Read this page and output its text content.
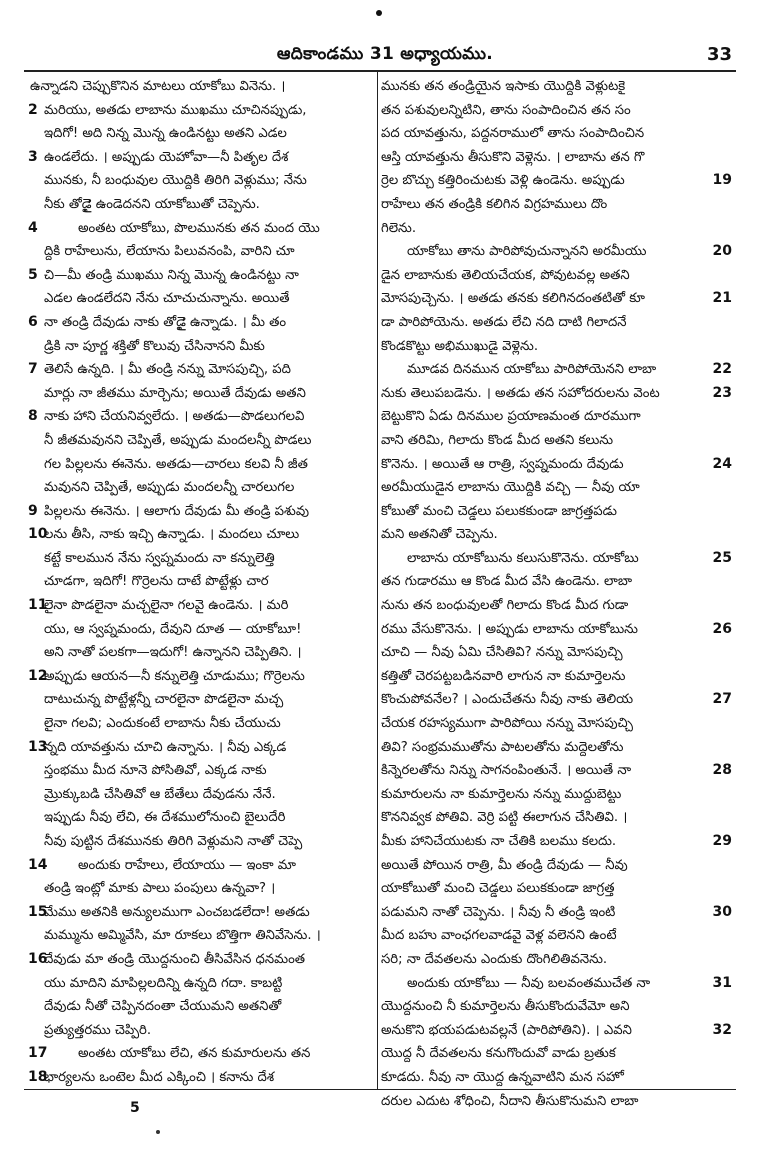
ఆదికాండము 31 అధ్యాయము.	33
ఉన్నాడని చెప్పుకొనిన మాటలు యాకోబు వినెను. ।
2 మరియు, అతడు లాబాను ముఖము చూచినప్పుడు,
ఇదిగో! అది నిన్న మొన్న ఉండినట్టు అతని ఎడల
3 ఉండలేదు. । అప్పుడు యెహోవా—నీ పితృల దేశ
మునకు, నీ బంధువుల యొద్దికి తిరిగి వెళ్లుము; నేను
నీకు తోడైై ఉండెదనని యాకోబుతో చెప్పెను.
4	అంతట యాకోబు, పొలమునకు తన మంద యొ
ద్దికి రాహేలును, లేయాను పిలువనంపి, వారిని చూ
5 చి—మీ తండ్రి ముఖము నిన్న మొన్న ఉండినట్టు నా
ఎడల ఉండలేదని నేను చూచుచున్నాను. అయితే
6 నా తండ్రి దేవుడు నాకు తోడైై ఉన్నాడు. । మీ తం
డ్రికి నా పూర్ణ శక్తితో కొలువు చేసినానని మీకు
7 తెలిసే ఉన్నది. । మీ తండ్రి నన్ను మోసపుచ్చి, పది
మార్లు నా జీతము మార్చెను; అయితే దేవుడు అతని
8 నాకు హాని చేయనివ్వలేదు. । అతడు—పొడలుగలవి
నీ జీతమవునని చెప్పితే, అప్పుడు మందలన్నీ పొడలు
గల పిల్లలను ఈనెను. అతడు—చారలు కలవి నీ జీత
మవునని చెప్పితే, అప్పుడు మందలన్నీ చారలుగల
9 పిల్లలను ఈనెను. । ఆలాగు దేవుడు మీ తండ్రి పశువు
10
లను తీసి, నాకు ఇచ్చి ఉన్నాడు. । మందలు చూలు
కట్టే కాలమున నేను స్వప్నమందు నా కన్నులెత్తి
చూడగా, ఇదిగో! గొర్రెలను దాటే పొట్టేళ్లు చార
11
లైనా పొడలైనా మచ్చలైనా గలవై ఉండెను. । మరి
యు, ఆ స్వప్నమందు, దేవుని దూత — యాకోబూ!
అని నాతో పలకగా—ఇదుగో! ఉన్నానని చెప్పితిని. ।
12
అప్పుడు ఆయన—నీ కన్నులెత్తి చూడుము; గొర్రెలను
దాటుచున్న పొట్టేళ్లన్నీ చారలైనా పొడలైనా మచ్చ
లైనా గలవి; ఎందుకంటే లాబాను నీకు చేయుచు
13
న్నది యావత్తును చూచి ఉన్నాను. । నీవు ఎక్కడ
స్తంభము మీద నూనె పోసితివో, ఎక్కడ నాకు
మ్రొక్కుబడి చేసితివో ఆ బేతేలు దేవుడను నేనే.
ఇప్పుడు నీవు లేచి, ఈ దేశములోనుంచి బైలుదేరి
నీవు పుట్టిన దేశమునకు తిరిగి వెళ్లుమని నాతో చెప్పె
14	అందుకు రాహేలు, లేయాయు — ఇంకా మా
తండ్రి ఇంట్లో మాకు పాలు పంపులు ఉన్నవా? ।
15
మేము అతనికి అన్యులముగా ఎంచబడలేదా! అతడు
మమ్మును అమ్మివేసి, మా రూకలు బొత్తిగా తినివేసెను. ।
16
దేవుడు మా తండ్రి యొద్దనుంచి తీసివేసిన ధనమంత
యు మాదిని మాపిల్లలదిన్ని ఉన్నది గదా. కాబట్టి
దేవుడు నీతో చెప్పినదంతా చేయుమని అతనితో
ప్రత్యుత్తరము చెప్పిరి.
17	అంతట యాకోబు లేచి, తన కుమారులను తన
18
భార్యలను ఒంటెల మీద ఎక్కించి । కనాను దేశ
మునకు తన తండ్రియైన ఇసాకు యొద్దికి వెళ్లుటకై
తన పశువులన్నిటిని, తాను సంపాదించిన తన సం
పద యావత్తును, పద్దనరాములో తాను సంపాదించిన
ఆస్తి యావత్తును తీసుకొని వెళ్లెను. । లాబాను తన గొ
19
ర్రెల బొచ్చు కత్తిరించుటకు వెళ్లి ఉండెను. అప్పుడు
రాహేలు తన తండ్రికి కలిగిన విగ్రహములు దొం
గిలెను.
20
యాకోబు తాను పారిపోవుచున్నానని అరమీయు
డైన లాబానుకు తెలియచేయక, పోవుటవల్ల అతని
21
మోసపుచ్చెను. । అతడు తనకు కలిగినదంతటితో కూ
డా పారిపోయెను. అతడు లేచి నది దాటి గిలాదనే
కొండకొట్టు అభిముఖుడై వెళ్లెను.
22
మూడవ దినమున యాకోబు పారిపోయెనని లాబా
23
నుకు తెలుపబడెను. । అతడు తన సహోదరులను వెంట
బెట్టుకొని ఏడు దినముల ప్రయాణమంత దూరముగా
వాని తరిమి, గిలాదు కొండ మీద అతని కలును
24
కొనెను. । అయితే ఆ రాత్రి, స్వప్నమందు దేవుడు
అరమీయుడైన లాబాను యొద్దికి వచ్చి — నీవు యా
కోబుతో మంచి చెడ్డలు పలుకకుండా జాగ్రత్తపడు
మని అతనితో చెప్పెను.
25
లాబాను యాకోబును కలుసుకొనెను. యాకోబు
తన గుడారము ఆ కొండ మీద వేసి ఉండెను. లాబా
నును తన బంధువులతో గిలాదు కొండ మీద గుడా
26
రము వేసుకొనెను. । అప్పుడు లాబాను యాకోబును
చూచి — నీవు ఏమి చేసితివి? నన్ను మోసపుచ్చి
కత్తితో చెరపట్టబడినవారి లాగున నా కుమార్తెలను
27
కొంచుపోవనేల? । ఎందుచేతను నీవు నాకు తెలియ
చేయక రహస్యముగా పారిపోయి నన్ను మోసపుచ్చి
తివి? సంభ్రమముతోను పాటలతోను మద్దెలతోను
28
కిన్నెరలతోను నిన్ను సాగనంపింతునే. । అయితే నా
కుమారులను నా కుమార్తెలను నన్ను ముద్దుబెట్టు
కొననివ్వక పోతివి. వెర్రి పట్టి ఈలాగున చేసితివి. ।
29
మీకు హానిచేయుటకు నా చేతికి బలము కలదు.
అయితే పోయిన రాత్రి, మీ తండ్రి దేవుడు — నీవు
యాకోబుతో మంచి చెడ్డలు పలుకకుండా జాగ్రత్త
30
పడుమని నాతో చెప్పెను. । నీవు నీ తండ్రి ఇంటి
మీద బహు వాంఛగలవాడవై వెళ్ల వలెనని ఉంటే
సరి; నా దేవతలను ఎందుకు దొంగిలితివనెను.
31
అందుకు యాకోబు — నీవు బలవంతముచేత నా
యొద్దనుంచి నీ కుమార్తెలను తీసుకొందువేమో అని
32
అనుకొని భయపడుటవల్లనే (పారిపోతిని). । ఎవని
యొద్ద నీ దేవతలను కనుగొందువో వాడు బ్రతుక
కూడదు. నీవు నా యొద్ద ఉన్నవాటిని మన సహో
దరుల ఎదుట శోధించి, నీదాని తీసుకొనుమని లాబా
5
